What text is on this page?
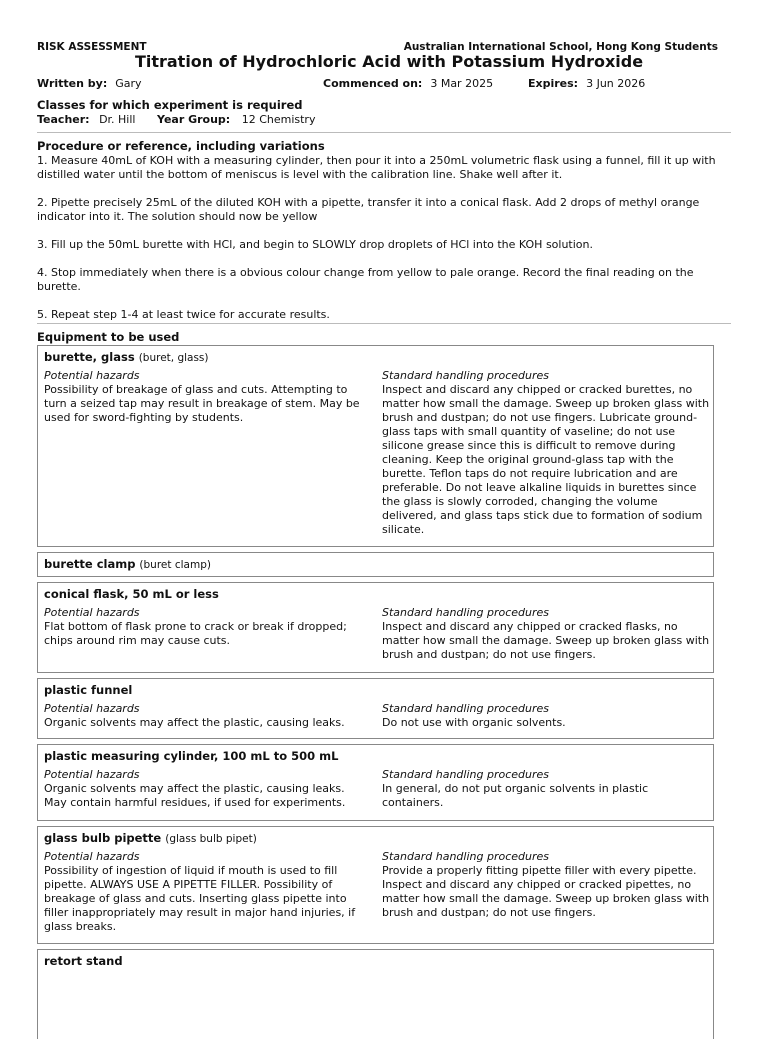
RISK ASSESSMENT	Australian International School, Hong Kong Students
Titration of Hydrochloric Acid with Potassium Hydroxide
Written by: Gary	Commenced on: 3 Mar 2025	Expires: 3 Jun 2026
Classes for which experiment is required
Teacher: Dr. Hill Year Group: 12 Chemistry
Procedure or reference, including variations

1. Measure 40mL of KOH with a measuring cylinder, then pour it into a 250mL volumetric flask using a funnel, fill it up with distilled water until the bottom of meniscus is level with the calibration line. Shake well after it.

2. Pipette precisely 25mL of the diluted KOH with a pipette, transfer it into a conical flask. Add 2 drops of methyl orange indicator into it. The solution should now be yellow

3. Fill up the 50mL burette with HCl, and begin to SLOWLY drop droplets of HCl into the KOH solution.

4. Stop immediately when there is a obvious colour change from yellow to pale orange. Record the final reading on the burette.

5. Repeat step 1-4 at least twice for accurate results.

Equipment to be used
burette, glass (buret, glass)
Potential hazards
Possibility of breakage of glass and cuts. Attempting to turn a seized tap may result in breakage of stem. May be used for sword-fighting by students.
Standard handling procedures
Inspect and discard any chipped or cracked burettes, no matter how small the damage. Sweep up broken glass with brush and dustpan; do not use fingers. Lubricate ground-glass taps with small quantity of vaseline; do not use silicone grease since this is difficult to remove during cleaning. Keep the original ground-glass tap with the burette. Teflon taps do not require lubrication and are preferable. Do not leave alkaline liquids in burettes since the glass is slowly corroded, changing the volume delivered, and glass taps stick due to formation of sodium silicate.
burette clamp (buret clamp)
conical flask, 50 mL or less
Potential hazards
Flat bottom of flask prone to crack or break if dropped; chips around rim may cause cuts.
Standard handling procedures
Inspect and discard any chipped or cracked flasks, no matter how small the damage. Sweep up broken glass with brush and dustpan; do not use fingers.
plastic funnel
Potential hazards
Organic solvents may affect the plastic, causing leaks.
Standard handling procedures
Do not use with organic solvents.
plastic measuring cylinder, 100 mL to 500 mL
Potential hazards
Organic solvents may affect the plastic, causing leaks. May contain harmful residues, if used for experiments.
Standard handling procedures
In general, do not put organic solvents in plastic containers.
glass bulb pipette (glass bulb pipet)
Potential hazards
Possibility of ingestion of liquid if mouth is used to fill pipette. ALWAYS USE A PIPETTE FILLER. Possibility of breakage of glass and cuts. Inserting glass pipette into filler inappropriately may result in major hand injuries, if glass breaks.
Standard handling procedures
Provide a properly fitting pipette filler with every pipette. Inspect and discard any chipped or cracked pipettes, no matter how small the damage. Sweep up broken glass with brush and dustpan; do not use fingers.
retort stand
